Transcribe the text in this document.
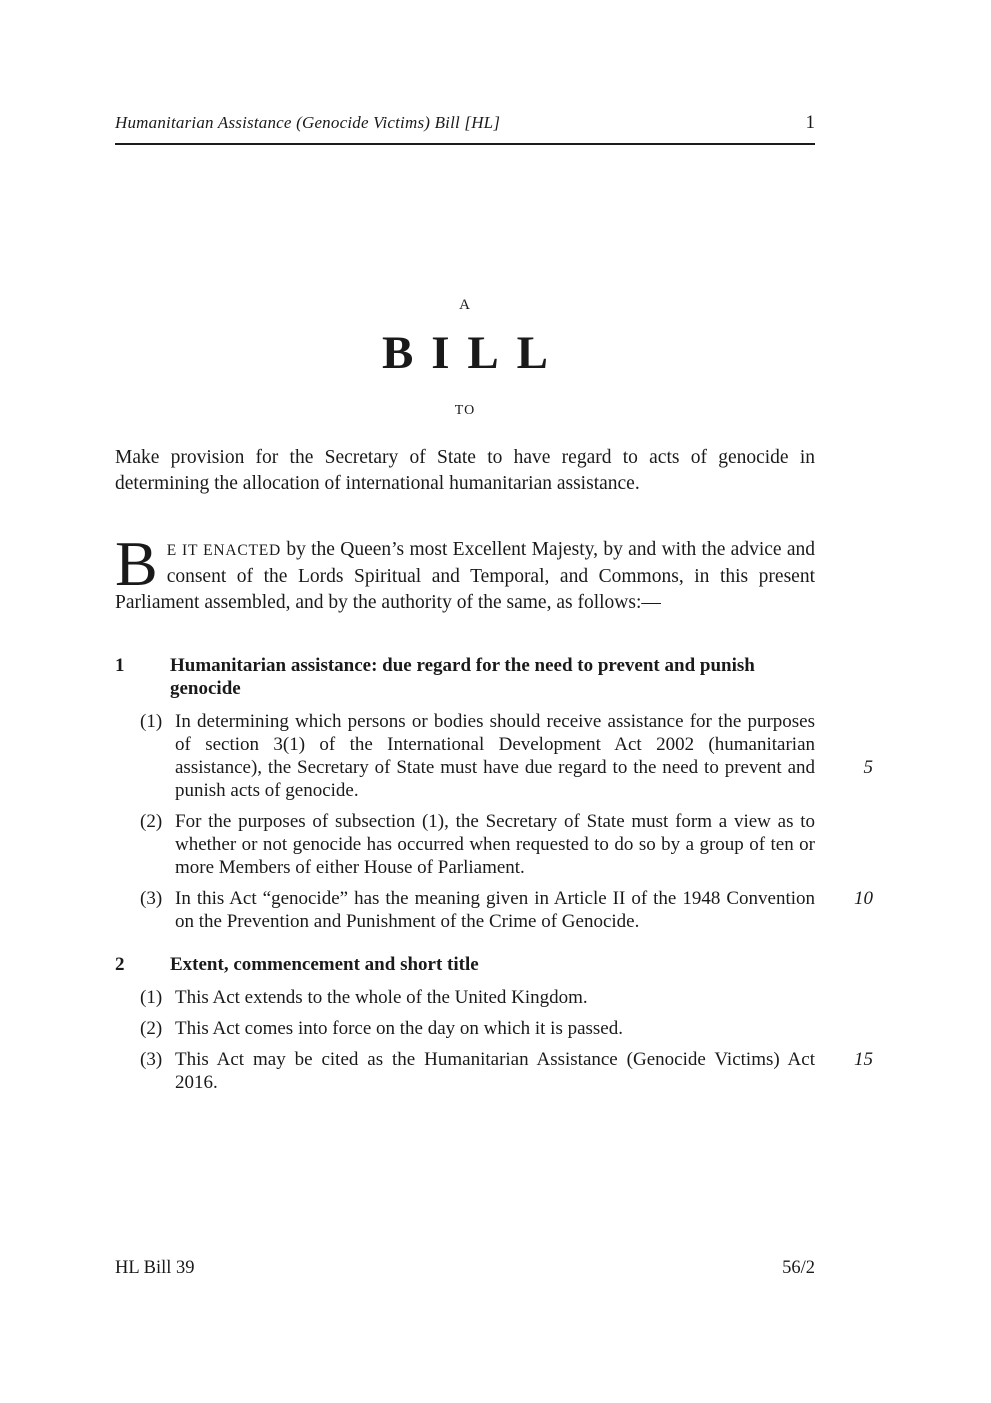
Humanitarian Assistance (Genocide Victims) Bill [HL]	1
A
BILL
TO

Make provision for the Secretary of State to have regard to acts of genocide in determining the allocation of international humanitarian assistance.

B E IT ENACTED by the Queen’s most Excellent Majesty, by and with the advice and consent of the Lords Spiritual and Temporal, and Commons, in this present Parliament assembled, and by the authority of the same, as follows:—

1 Humanitarian assistance: due regard for the need to prevent and punish genocide
(1) In determining which persons or bodies should receive assistance for the purposes of section 3(1) of the International Development Act 2002 (humanitarian assistance), the Secretary of State must have due regard to the need to prevent and punish acts of genocide.
5
(2) For the purposes of subsection (1), the Secretary of State must form a view as to whether or not genocide has occurred when requested to do so by a group of ten or more Members of either House of Parliament.
(3) In this Act “genocide” has the meaning given in Article II of the 1948 Convention on the Prevention and Punishment of the Crime of Genocide.
10
2 Extent, commencement and short title
(1) This Act extends to the whole of the United Kingdom.
(2) This Act comes into force on the day on which it is passed.
(3) This Act may be cited as the Humanitarian Assistance (Genocide Victims) Act 2016.
15
HL Bill 39	56/2
